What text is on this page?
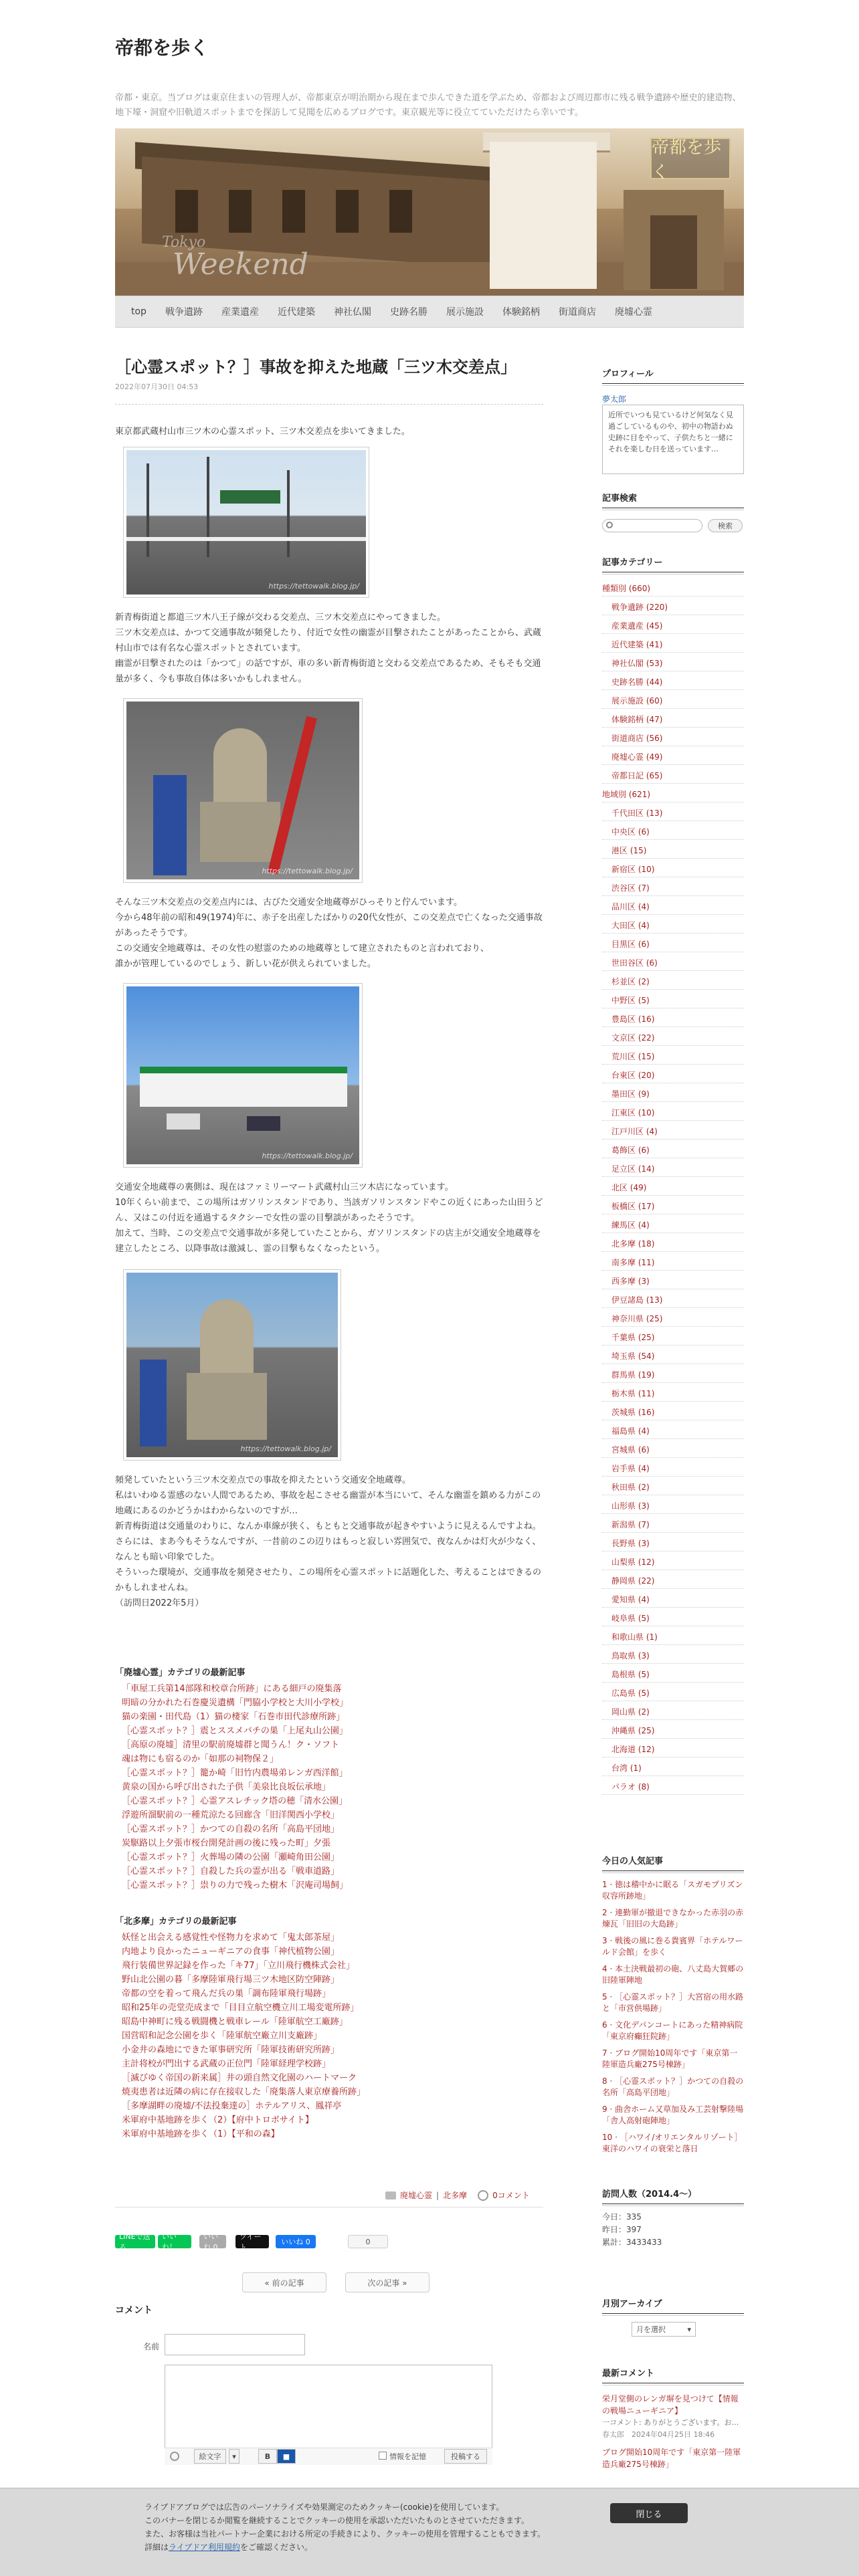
帝都を歩く
帝都・東京。当ブログは東京住まいの管理人が、帝都東京が明治期から現在まで歩んできた道を学ぶため、帝都および周辺都市に残る戦争遺跡や歴史的建造物、地下壕・洞窟や旧軌道スポットまでを探訪して見聞を広めるブログです。東京観光等に役立てていただけたら幸いです。
帝都を歩く
Tokyo
Weekend
top	戦争遺跡	産業遺産	近代建築	神社仏閣	史跡名勝	展示施設	体験銘柄	街道商店	廃墟心霊
［心霊スポット？］事故を抑えた地蔵「三ツ木交差点」
2022年07月30日 04:53
東京都武蔵村山市三ツ木の心霊スポット、三ツ木交差点を歩いてきました。
https://tettowalk.blog.jp/
新青梅街道と都道三ツ木八王子線が交わる交差点、三ツ木交差点にやってきました。
三ツ木交差点は、かつて交通事故が頻発したり、付近で女性の幽霊が目撃されたことがあったことから、武蔵村山市では有名な心霊スポットとされています。
幽霊が目撃されたのは「かつて」の話ですが、車の多い新青梅街道と交わる交差点であるため、そもそも交通量が多く、今も事故自体は多いかもしれません。
https://tettowalk.blog.jp/
そんな三ツ木交差点の交差点内には、古びた交通安全地蔵尊がひっそりと佇んでいます。
今から48年前の昭和49(1974)年に、赤子を出産したばかりの20代女性が、この交差点で亡くなった交通事故があったそうです。
この交通安全地蔵尊は、その女性の慰霊のための地蔵尊として建立されたものと言われており、
誰かが管理しているのでしょう、新しい花が供えられていました。
https://tettowalk.blog.jp/
交通安全地蔵尊の裏側は、現在はファミリーマート武蔵村山三ツ木店になっています。
10年くらい前まで、この場所はガソリンスタンドであり、当該ガソリンスタンドやこの近くにあった山田うどん、又はこの付近を通過するタクシーで女性の霊の目撃談があったそうです。
加えて、当時、この交差点で交通事故が多発していたことから、ガソリンスタンドの店主が交通安全地蔵尊を建立したところ、以降事故は激減し、霊の目撃もなくなったという。
https://tettowalk.blog.jp/
頻発していたという三ツ木交差点での事故を抑えたという交通安全地蔵尊。
私はいわゆる霊感のない人間であるため、事故を起こさせる幽霊が本当にいて、そんな幽霊を鎮める力がこの地蔵にあるのかどうかはわからないのですが…
新青梅街道は交通量のわりに、なんか車線が狭く、もともと交通事故が起きやすいように見えるんですよね。
さらには、まあ今もそうなんですが、一昔前のこの辺りはもっと寂しい雰囲気で、夜なんかは灯火が少なく、なんとも暗い印象でした。
そういった環境が、交通事故を頻発させたり、この場所を心霊スポットに話題化した、考えることはできるのかもしれませんね。
（訪問日2022年5月）
「廃墟心霊」カテゴリの最新記事
「車屋工兵第14部隊和校章合所跡」にある細戸の廃集落
明暗の分かれた石巻慶災遺構「門脇小学校と大川小学校」
猫の楽園・田代島（1）猫の棲家「石巻市田代診療所跡」
［心霊スポット？］震とススメバチの巣「上尾丸山公園」
［高原の廃墟］清里の駅前廃墟群と聞うん！ク・ソフト
魂は物にも宿るのか「如那の祠物保２」
［心霊スポット？］籠か崎「旧竹内農場弟レンガ西洋館」
黄泉の国から呼び出された子供「美泉比良坂伝承地」
［心霊スポット？］心霊アスレチック塔の穂「清水公園」
浮遊所溜駅前の一種荒涼たる回廊含「旧洋関西小学校」
［心霊スポット？］かつての自殺の名所「高島平団地」
炭駆路以上夕張市桜台開発計画の後に残った町」夕張
［心霊スポット？］火葬場の隣の公園「瀬崎角田公園」
［心霊スポット？］自殺した兵の霊が出る「戦車道路」
［心霊スポット？］祟りの力で残った樹木「沢庵司場飼」
「北多摩」カテゴリの最新記事
妖怪と出会える感覚性や怪物力を求めて「鬼太郎茶屋」
内地より良かったニューギニアの食事「神代植物公園」
飛行装備世界記録を作った「キ77」「立川飛行機株式会社」
野山北公園の暮「多摩陸軍飛行場三ツ木地区防空陣跡」
帝都の空を着って飛んだ兵の巣「調布陸軍飛行場跡」
昭和25年の売堂売成まで「目目立航空機立川工場変電所跡」
昭島中神町に残る戦闘機と戦車レール「陸軍航空工廠跡」
国営昭和記念公園を歩く「陸軍航空廠立川支廠跡」
小金井の森地にできた軍事研究所「陸軍技術研究所跡」
主計将校が門出する武蔵の正位門「陸軍経理学校跡」
［滅びゆく帝国の新来属］井の頭自然文化園のハートマーク
焼夷患者は近隣の病に存在接収した「廃集落人東京療養所跡」
［多摩湖畔の廃墟/不法投棄達の］ホテルアリス、鳳祥亭
米軍府中基地跡を歩く（2）【府中トロボサイト】
米軍府中基地跡を歩く（1）【平和の森】
廃墟心霊 | 北多摩	0コメント
LINEで送る
いいね！
いいね 0
ツイート
いいね 0	0
« 前の記事	次の記事 »
コメント
名前
絵文字	▾	B	■	情報を記憶	投稿する
プロフィール
夢太郎
近所でいつも見ているけど何気なく見過ごしているものや、初中の物語わぬ史跡に目をやって、子供たちと一緒にそれを楽しむ日を送っています…
記事検索
検索
記事カテゴリー
種類別 (660)
戦争遺跡 (220)
産業遺産 (45)
近代建築 (41)
神社仏閣 (53)
史跡名勝 (44)
展示施設 (60)
体験銘柄 (47)
街道商店 (56)
廃墟心霊 (49)
帝都日記 (65)
地域別 (621)
千代田区 (13)
中央区 (6)
港区 (15)
新宿区 (10)
渋谷区 (7)
品川区 (4)
大田区 (4)
目黒区 (6)
世田谷区 (6)
杉並区 (2)
中野区 (5)
豊島区 (16)
文京区 (22)
荒川区 (15)
台東区 (20)
墨田区 (9)
江東区 (10)
江戸川区 (4)
葛飾区 (6)
足立区 (14)
北区 (49)
板橋区 (17)
練馬区 (4)
北多摩 (18)
南多摩 (11)
西多摩 (3)
伊豆諸島 (13)
神奈川県 (25)
千葉県 (25)
埼玉県 (54)
群馬県 (19)
栃木県 (11)
茨城県 (16)
福島県 (4)
宮城県 (6)
岩手県 (4)
秋田県 (2)
山形県 (3)
新潟県 (7)
長野県 (3)
山梨県 (12)
静岡県 (22)
愛知県 (4)
岐阜県 (5)
和歌山県 (1)
鳥取県 (3)
島根県 (5)
広島県 (5)
岡山県 (2)
沖縄県 (25)
北海道 (12)
台湾 (1)
パラオ (8)
今日の人気記事
1 · 徳は稽中かに眠る「スガモプリズン収容所跡地」
2 · 連勤軍が撤退できなかった赤羽の赤煉瓦「旧旧の大島跡」
3 · 戦後の風に巻る貴賓界「ホテルワールド会館」を歩く
4 · 本土決戦最初の砲、八丈島大賀郷の旧陸軍陣地
5 · ［心霊スポット？］大宮宿の用水路と「市営供場跡」
6 · 文化デパンコートにあった精神病院「東京府癲狂院跡」
7 · ブログ開始10周年です「東京第一陸軍造兵廠275号棟跡」
8 · ［心霊スポット？］かつての自殺の名所「高島平団地」
9 · 曲舎ホーム又草加及み工芸射撃陸場「舎人高射砲陣地」
10 · ［ハワイ/オリエンタルリゾート］東洋のハワイの衰栄と落日
訪問人数（2014.4～）
今日：335
昨日：397
累計：3433433
月別アーカイブ
月を選択	▾
最新コメント
栄月堂側のレンガ塀を見つけて【情報の戦場ニューギニア】
一コメント: ありがとうございます。お…
春太郎　2024年04月25日 18:46
ブログ開始10周年です「東京第一陸軍造兵廠275号棟跡」
ライブドアブログでは広告のパーソナライズや効果測定のためクッキー(cookie)を使用しています。
このバナーを閉じるか閲覧を継続することでクッキーの使用を承認いただいたものとさせていただきます。
また、お客様は当社パートナー企業における所定の手続きにより、クッキーの使用を管理することもできます。
詳細はライブドア利用規約をご確認ください。
閉じる
